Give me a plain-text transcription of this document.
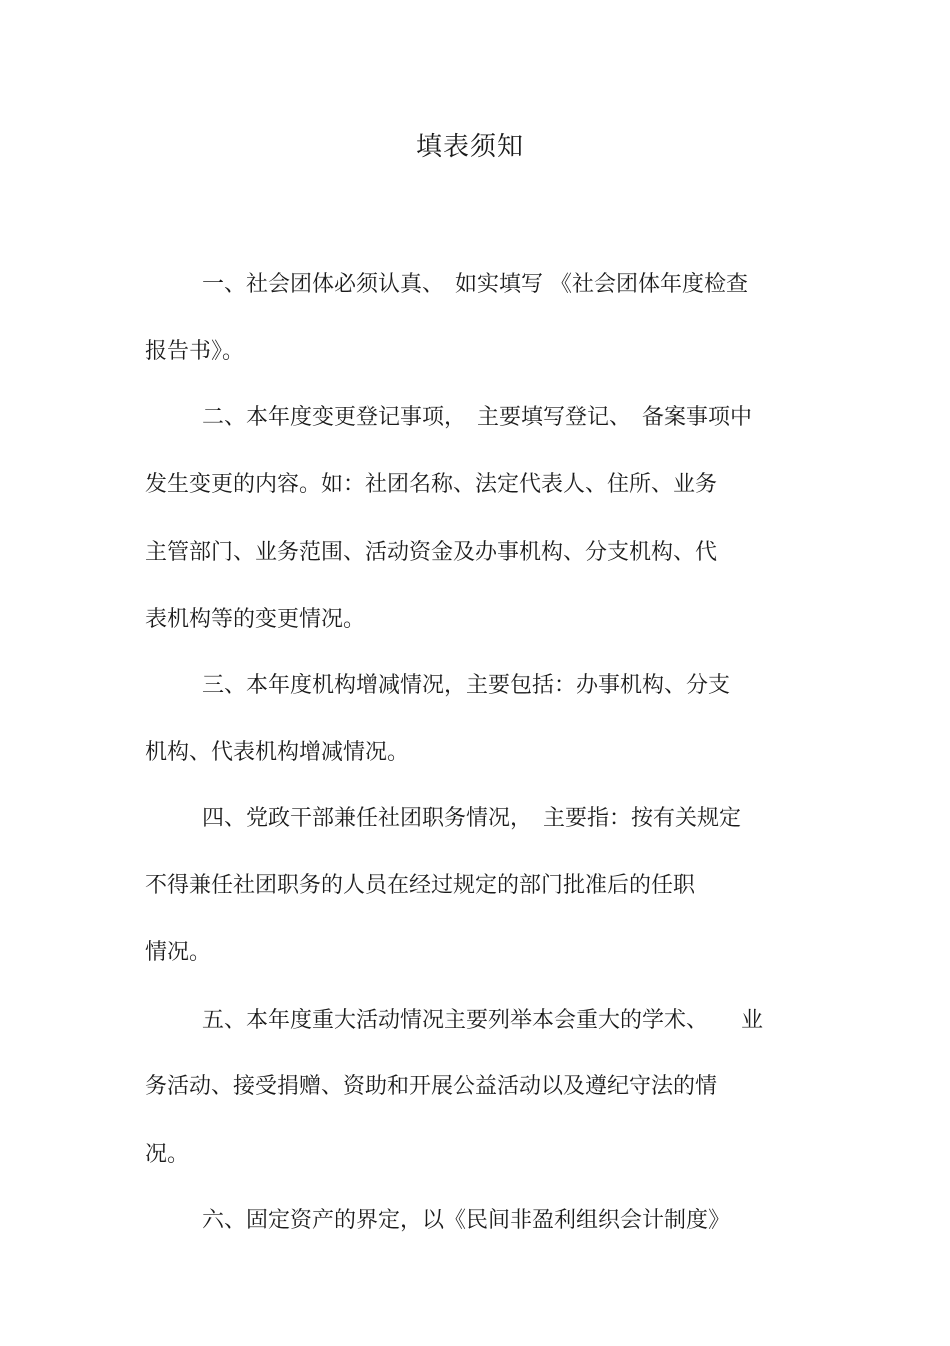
填表须知
一、社会团体必须认真、　如实填写 《社会团体年度检查
报告书》。
二、本年度变更登记事项，　主要填写登记、　备案事项中
发生变更的内容。如：社团名称、法定代表人、住所、业务
主管部门、业务范围、活动资金及办事机构、分支机构、代
表机构等的变更情况。
三、本年度机构增减情况，主要包括：办事机构、分支
机构、代表机构增减情况。
四、党政干部兼任社团职务情况，　主要指：按有关规定
不得兼任社团职务的人员在经过规定的部门批准后的任职
情况。
五、本年度重大活动情况主要列举本会重大的学术、　　业
务活动、接受捐赠、资助和开展公益活动以及遵纪守法的情
况。
六、固定资产的界定，以《民间非盈利组织会计制度》
